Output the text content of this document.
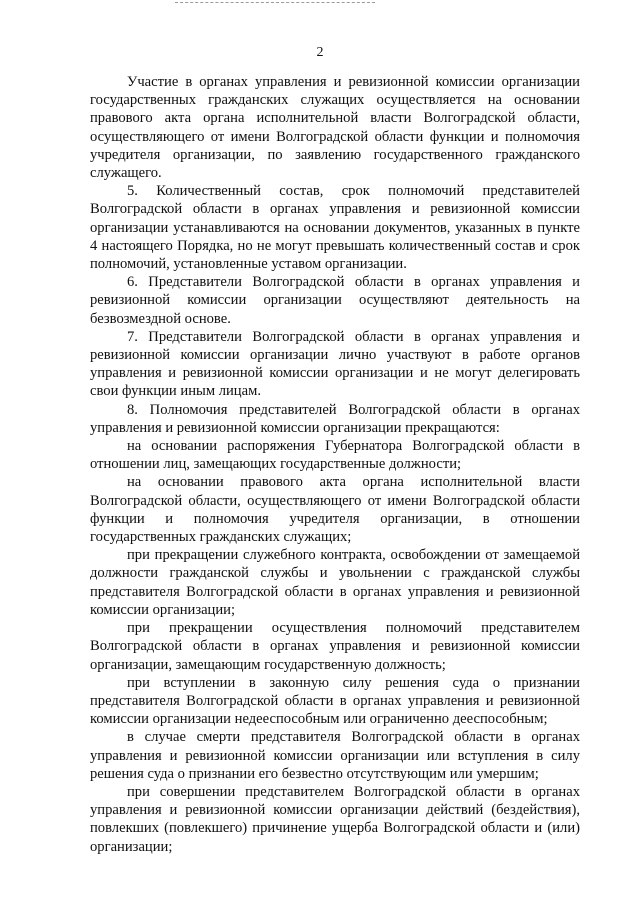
2

Участие в органах управления и ревизионной комиссии организации государственных гражданских служащих осуществляется на основании правового акта органа исполнительной власти Волгоградской области, осуществляющего от имени Волгоградской области функции и полномочия учредителя организации, по заявлению государственного гражданского служащего.

5. Количественный состав, срок полномочий представителей Волгоградской области в органах управления и ревизионной комиссии организации устанавливаются на основании документов, указанных в пункте 4 настоящего Порядка, но не могут превышать количественный состав и срок полномочий, установленные уставом организации.

6. Представители Волгоградской области в органах управления и ревизионной комиссии организации осуществляют деятельность на безвозмездной основе.

7. Представители Волгоградской области в органах управления и ревизионной комиссии организации лично участвуют в работе органов управления и ревизионной комиссии организации и не могут делегировать свои функции иным лицам.

8. Полномочия представителей Волгоградской области в органах управления и ревизионной комиссии организации прекращаются:

на основании распоряжения Губернатора Волгоградской области в отношении лиц, замещающих государственные должности;

на основании правового акта органа исполнительной власти Волгоградской области, осуществляющего от имени Волгоградской области функции и полномочия учредителя организации, в отношении государственных гражданских служащих;

при прекращении служебного контракта, освобождении от замещаемой должности гражданской службы и увольнении с гражданской службы представителя Волгоградской области в органах управления и ревизионной комиссии организации;

при прекращении осуществления полномочий представителем Волгоградской области в органах управления и ревизионной комиссии организации, замещающим государственную должность;

при вступлении в законную силу решения суда о признании представителя Волгоградской области в органах управления и ревизионной комиссии организации недееспособным или ограниченно дееспособным;

в случае смерти представителя Волгоградской области в органах управления и ревизионной комиссии организации или вступления в силу решения суда о признании его безвестно отсутствующим или умершим;

при совершении представителем Волгоградской области в органах управления и ревизионной комиссии организации действий (бездействия), повлекших (повлекшего) причинение ущерба Волгоградской области и (или) организации;
